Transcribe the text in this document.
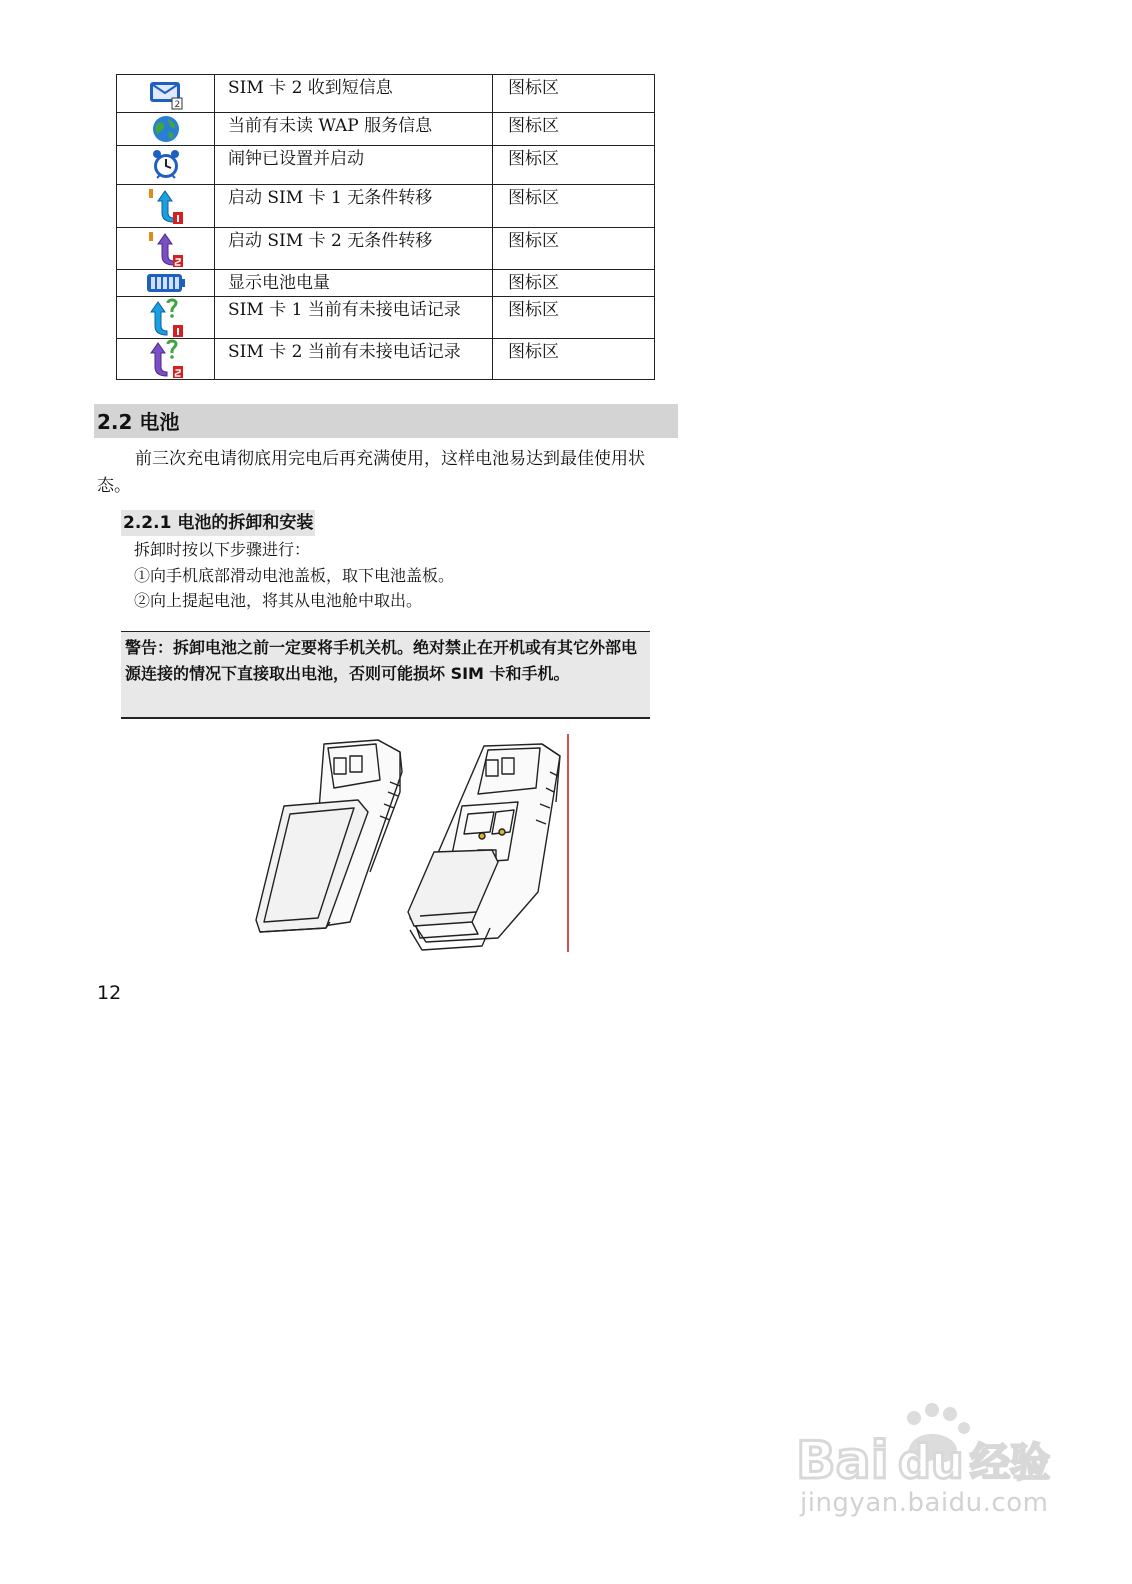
2	SIM 卡 2 收到短信息	图标区

	当前有未读 WAP 服务信息	图标区

	闹钟已设置并启动	图标区

	启动 SIM 卡 1 无条件转移	图标区

	启动 SIM 卡 2 无条件转移	图标区

	显示电池电量	图标区

	SIM 卡 1 当前有未接电话记录	图标区

	SIM 卡 2 当前有未接电话记录	图标区
2.2 电池
前三次充电请彻底用完电后再充满使用，这样电池易达到最佳使用状态。
2.2.1 电池的拆卸和安装
拆卸时按以下步骤进行：
①向手机底部滑动电池盖板，取下电池盖板。
②向上提起电池，将其从电池舱中取出。
警告：拆卸电池之前一定要将手机关机。绝对禁止在开机或有其它外部电源连接的情况下直接取出电池，否则可能损坏 SIM 卡和手机。
12
Bai du 经验
jingyan.baidu.com
